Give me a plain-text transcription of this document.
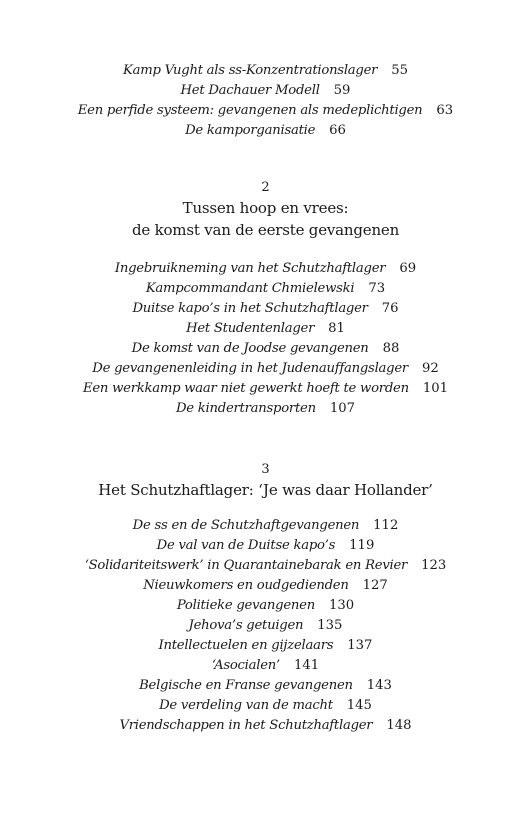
Kamp Vught als ss-Konzentrationslager 55
Het Dachauer Modell 59
Een perfide systeem: gevangenen als medeplichtigen 63
De kamporganisatie 66
2
Tussen hoop en vrees:
de komst van de eerste gevangenen
Ingebruikneming van het Schutzhaftlager 69
Kampcommandant Chmielewski 73
Duitse kapo’s in het Schutzhaftlager 76
Het Studentenlager 81
De komst van de Joodse gevangenen 88
De gevangenenleiding in het Judenauffangslager 92
Een werkkamp waar niet gewerkt hoeft te worden 101
De kindertransporten 107
3
Het Schutzhaftlager: ‘Je was daar Hollander’
De ss en de Schutzhaftgevangenen 112
De val van de Duitse kapo’s 119
‘Solidariteitswerk’ in Quarantainebarak en Revier 123
Nieuwkomers en oudgedienden 127
Politieke gevangenen 130
Jehova’s getuigen 135
Intellectuelen en gijzelaars 137
‘Asocialen’ 141
Belgische en Franse gevangenen 143
De verdeling van de macht 145
Vriendschappen in het Schutzhaftlager 148
